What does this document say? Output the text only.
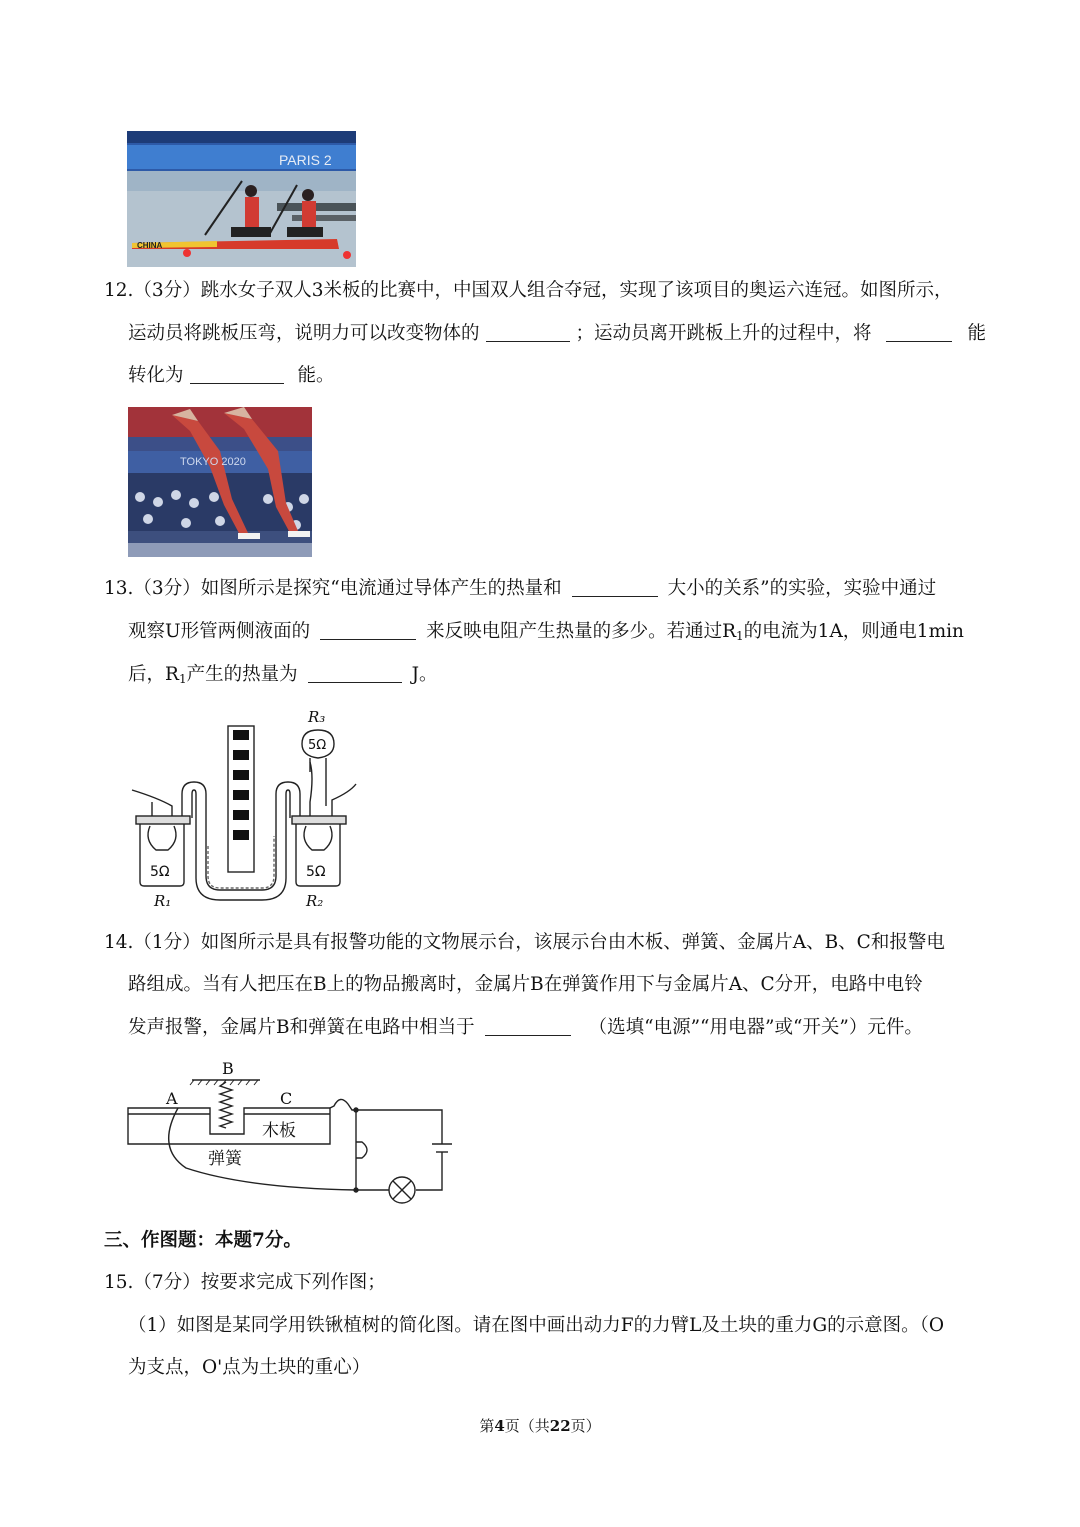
PARIS 2
CHINA
12.（3分）跳水女子双人3米板的比赛中，中国双人组合夺冠，实现了该项目的奥运六连冠。如图所示，
运动员将跳板压弯，说明力可以改变物体的	；运动员离开跳板上升的过程中，将	能
转化为	能。
TOKYO 2020
13.（3分）如图所示是探究“电流通过导体产生的热量和	大小的关系”的实验，实验中通过
观察U形管两侧液面的	来反映电阻产生热量的多少。若通过$R_1$的电流为1A，则通电1min
后，$R_1$产生的热量为	J。
R₃
5Ω
5Ω	5Ω
R₁	R₂
14.（1分）如图所示是具有报警功能的文物展示台，该展示台由木板、弹簧、金属片A、B、C和报警电
路组成。当有人把压在B上的物品搬离时，金属片B在弹簧作用下与金属片A、C分开，电路中电铃
发声报警，金属片B和弹簧在电路中相当于	（选填“电源”“用电器”或“开关”）元件。
B
A	C
木板
弹簧
三、作图题：本题7分。
15.（7分）按要求完成下列作图；
（1）如图是某同学用铁锹植树的简化图。请在图中画出动力F的力臂L及土块的重力G的示意图。（O
为支点，O'点为土块的重心）
第4页（共22页）
